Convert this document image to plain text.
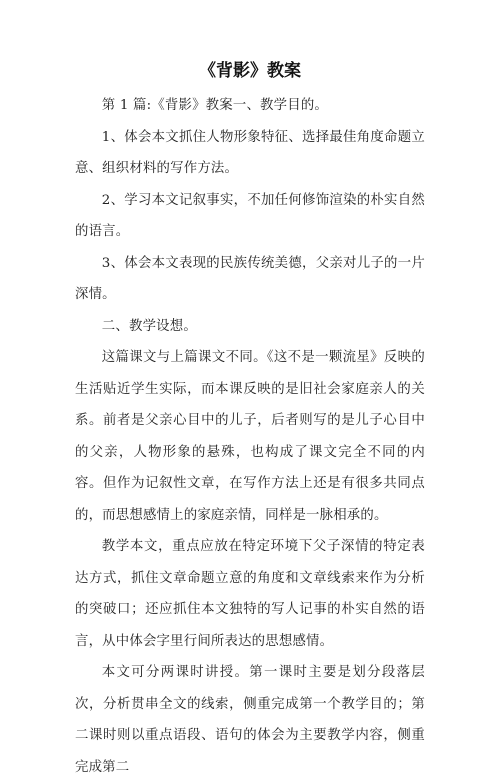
《背影》教案

第 1 篇:《背影》教案一、教学目的。

1、体会本文抓住人物形象特征、选择最佳角度命题立意、组织材料的写作方法。

2、学习本文记叙事实，不加任何修饰渲染的朴实自然的语言。

3、体会本文表现的民族传统美德，父亲对儿子的一片深情。

二、教学设想。

这篇课文与上篇课文不同。《这不是一颗流星》反映的生活贴近学生实际，而本课反映的是旧社会家庭亲人的关系。前者是父亲心目中的儿子，后者则写的是儿子心目中的父亲，人物形象的悬殊，也构成了课文完全不同的内容。但作为记叙性文章，在写作方法上还是有很多共同点的，而思想感情上的家庭亲情，同样是一脉相承的。

教学本文，重点应放在特定环境下父子深情的特定表达方式，抓住文章命题立意的角度和文章线索来作为分析的突破口；还应抓住本文独特的写人记事的朴实自然的语言，从中体会字里行间所表达的思想感情。

本文可分两课时讲授。第一课时主要是划分段落层次，分析贯串全文的线索，侧重完成第一个教学目的；第二课时则以重点语段、语句的体会为主要教学内容，侧重完成第二
